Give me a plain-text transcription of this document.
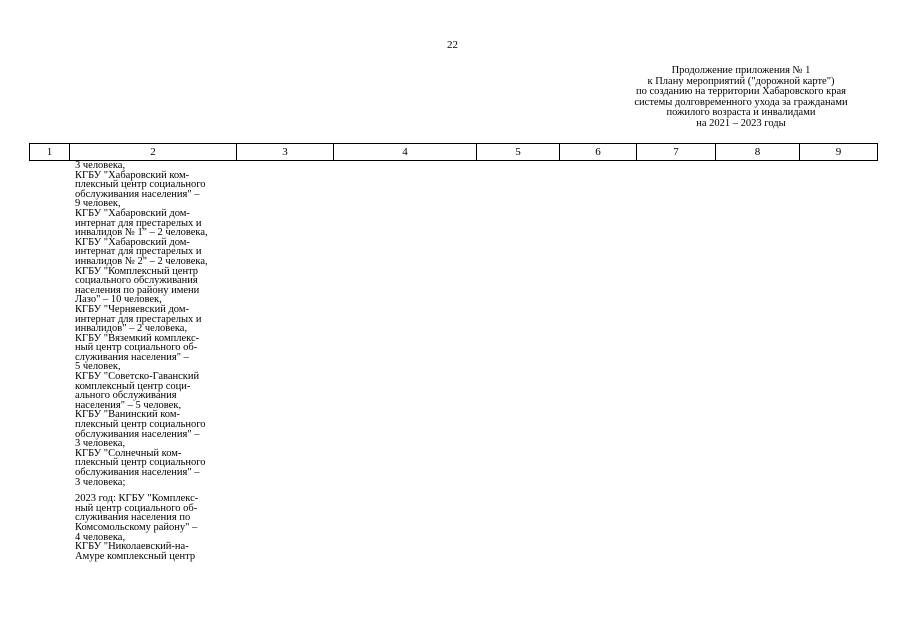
22
Продолжение приложения № 1
к Плану мероприятий ("дорожной карте")
по созданию на территории Хабаровского края
системы долговременного ухода за гражданами
пожилого возраста и инвалидами
на 2021 – 2023 годы
1	2	3	4	5	6	7	8	9
3 человека,
КГБУ "Хабаровский ком-
плексный центр социального
обслуживания населения" –
9 человек,
КГБУ "Хабаровский дом-
интернат для престарелых и
инвалидов № 1" – 2 человека,
КГБУ "Хабаровский дом-
интернат для престарелых и
инвалидов № 2" – 2 человека,
КГБУ "Комплексный центр
социального обслуживания
населения по району имени
Лазо" – 10 человек,
КГБУ "Черняевский дом-
интернат для престарелых и
инвалидов" – 2 человека,
КГБУ "Вяземкий комплекс-
ный центр социального об-
служивания населения" –
5 человек,
КГБУ "Советско-Гаванский
комплексный центр соци-
ального обслуживания
населения" – 5 человек,
КГБУ "Ванинский ком-
плексный центр социального
обслуживания населения" –
3 человека,
КГБУ "Солнечный ком-
плексный центр социального
обслуживания населения" –
3 человека;
2023 год: КГБУ "Комплекс-
ный центр социального об-
служивания населения по
Комсомольскому району" –
4 человека,
КГБУ "Николаевский-на-
Амуре комплексный центр
